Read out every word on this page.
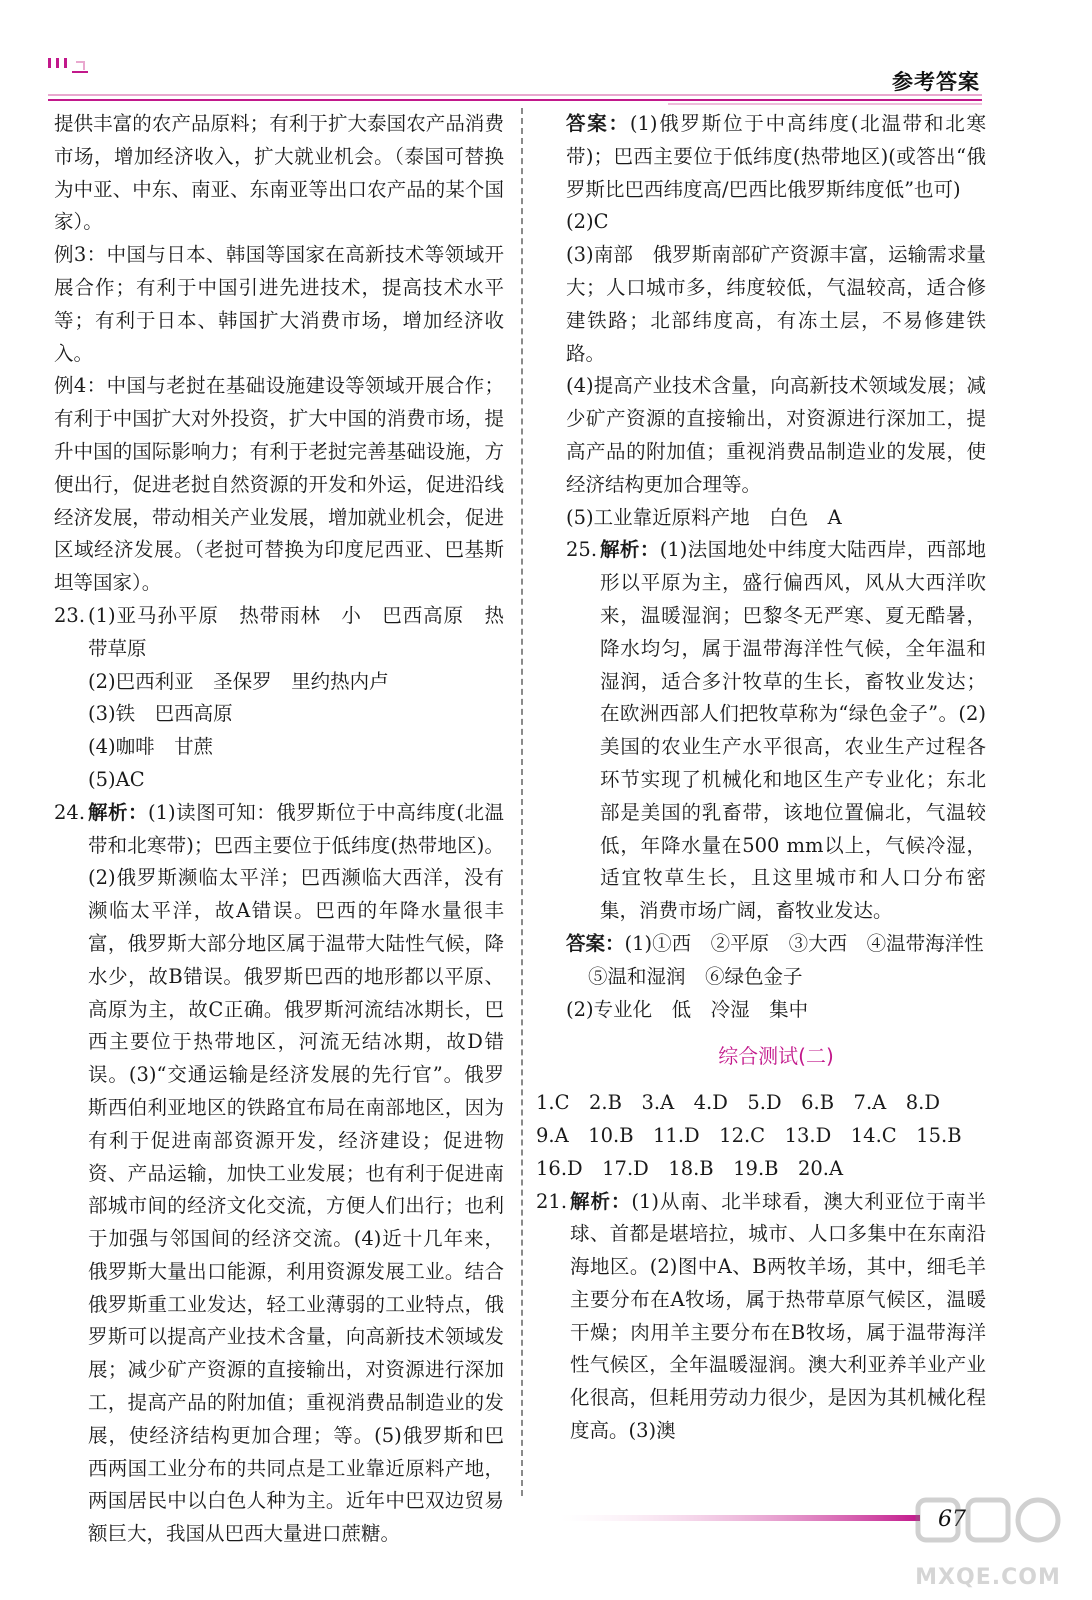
参考答案

提供丰富的农产品原料；有利于扩大泰国农产品消费市场，增加经济收入，扩大就业机会。（泰国可替换为中亚、中东、南亚、东南亚等出口农产品的某个国家）。

例3：中国与日本、韩国等国家在高新技术等领域开展合作；有利于中国引进先进技术，提高技术水平等；有利于日本、韩国扩大消费市场，增加经济收入。

例4：中国与老挝在基础设施建设等领域开展合作；有利于中国扩大对外投资，扩大中国的消费市场，提升中国的国际影响力；有利于老挝完善基础设施，方便出行，促进老挝自然资源的开发和外运，促进沿线经济发展，带动相关产业发展，增加就业机会，促进区域经济发展。（老挝可替换为印度尼西亚、巴基斯坦等国家）。

23. (1)亚马孙平原　热带雨林　小　巴西高原　热带草原

(2)巴西利亚　圣保罗　里约热内卢

(3)铁　巴西高原

(4)咖啡　甘蔗

(5)AC

24. 解析：(1)读图可知：俄罗斯位于中高纬度(北温带和北寒带)；巴西主要位于低纬度(热带地区)。(2)俄罗斯濒临太平洋；巴西濒临大西洋，没有濒临太平洋，故A错误。巴西的年降水量很丰富，俄罗斯大部分地区属于温带大陆性气候，降水少，故B错误。俄罗斯巴西的地形都以平原、高原为主，故C正确。俄罗斯河流结冰期长，巴西主要位于热带地区，河流无结冰期，故D错误。(3)“交通运输是经济发展的先行官”。俄罗斯西伯利亚地区的铁路宜布局在南部地区，因为有利于促进南部资源开发，经济建设；促进物资、产品运输，加快工业发展；也有利于促进南部城市间的经济文化交流，方便人们出行；也利于加强与邻国间的经济交流。(4)近十几年来，俄罗斯大量出口能源，利用资源发展工业。结合俄罗斯重工业发达，轻工业薄弱的工业特点，俄罗斯可以提高产业技术含量，向高新技术领域发展；减少矿产资源的直接输出，对资源进行深加工，提高产品的附加值；重视消费品制造业的发展，使经济结构更加合理；等。(5)俄罗斯和巴西两国工业分布的共同点是工业靠近原料产地，两国居民中以白色人种为主。近年中巴双边贸易额巨大，我国从巴西大量进口蔗糖。

答案：(1)俄罗斯位于中高纬度(北温带和北寒带)；巴西主要位于低纬度(热带地区)(或答出“俄罗斯比巴西纬度高/巴西比俄罗斯纬度低”也可)

(2)C

(3)南部　俄罗斯南部矿产资源丰富，运输需求量大；人口城市多，纬度较低，气温较高，适合修建铁路；北部纬度高，有冻土层，不易修建铁路。

(4)提高产业技术含量，向高新技术领域发展；减少矿产资源的直接输出，对资源进行深加工，提高产品的附加值；重视消费品制造业的发展，使经济结构更加合理等。

(5)工业靠近原料产地　白色　A

25. 解析：(1)法国地处中纬度大陆西岸，西部地形以平原为主，盛行偏西风，风从大西洋吹来，温暖湿润；巴黎冬无严寒、夏无酷暑，降水均匀，属于温带海洋性气候，全年温和湿润，适合多汁牧草的生长，畜牧业发达；在欧洲西部人们把牧草称为“绿色金子”。(2)美国的农业生产水平很高，农业生产过程各环节实现了机械化和地区生产专业化；东北部是美国的乳畜带，该地位置偏北，气温较低，年降水量在500 mm以上，气候冷湿，适宜牧草生长，且这里城市和人口分布密集，消费市场广阔，畜牧业发达。

答案：(1)①西　②平原　③大西　④温带海洋性

⑤温和湿润　⑥绿色金子

(2)专业化　低　冷湿　集中

综合测试(二)

1.C　2.B　3.A　4.D　5.D　6.B　7.A　8.D

9.A　10.B　11.D　12.C　13.D　14.C　15.B

16.D　17.D　18.B　19.B　20.A

21. 解析：(1)从南、北半球看，澳大利亚位于南半球、首都是堪培拉，城市、人口多集中在东南沿海地区。(2)图中A、B两牧羊场，其中，细毛羊主要分布在A牧场，属于热带草原气候区，温暖干燥；肉用羊主要分布在B牧场，属于温带海洋性气候区，全年温暖湿润。澳大利亚养羊业产业化很高，但耗用劳动力很少，是因为其机械化程度高。(3)澳

67
MXQE.COM
